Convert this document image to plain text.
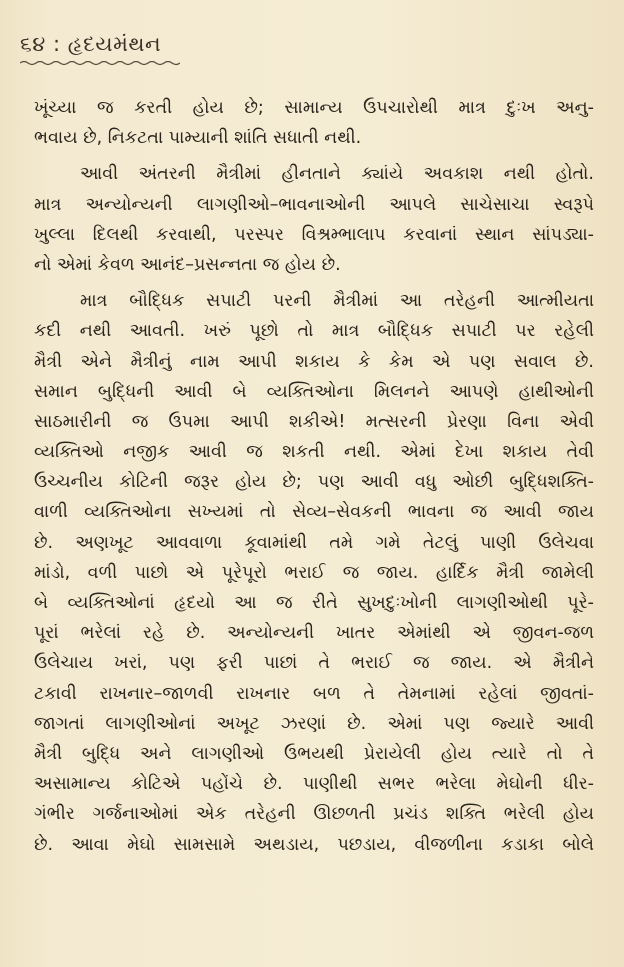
૬૪ : હૃદયમંથન
ખૂંચ્યા જ કરતી હોય છે; સામાન્ય ઉપચારોથી માત્ર દુઃખ અનુ-
ભવાય છે, નિકટતા પામ્યાની શાંતિ સધાતી નથી.
આવી અંતરની મૈત્રીમાં હીનતાને ક્યાંયે અવકાશ નથી હોતો.
માત્ર અન્યોન્યની લાગણીઓ–ભાવનાઓની આપલે સાચેસાચા સ્વરૂપે
ખુલ્લા દિલથી કરવાથી, પરસ્પર વિશ્રમ્ભાલાપ કરવાનાં સ્થાન સાંપડ્યા-
નો એમાં કેવળ આનંદ–પ્રસન્નતા જ હોય છે.
માત્ર બૌદ્ધિક સપાટી પરની મૈત્રીમાં આ તરેહની આત્મીયતા
કદી નથી આવતી. ખરું પૂછો તો માત્ર બૌદ્ધિક સપાટી પર રહેલી
મૈત્રી એને મૈત્રીનું નામ આપી શકાય કે કેમ એ પણ સવાલ છે.
સમાન બુદ્ધિની આવી બે વ્યક્તિઓના મિલનને આપણે હાથીઓની
સાઠમારીની જ ઉપમા આપી શકીએ! મત્સરની પ્રેરણા વિના એવી
વ્યક્તિઓ નજીક આવી જ શકતી નથી. એમાં દેખા શકાય તેવી
ઉચ્ચનીય કોટિની જરૂર હોય છે; પણ આવી વધુ ઓછી બુદ્ધિશક્તિ-
વાળી વ્યક્તિઓના સખ્યમાં તો સેવ્ય–સેવકની ભાવના જ આવી જાય
છે. અણખૂટ આવવાળા કૂવામાંથી તમે ગમે તેટલું પાણી ઉલેચવા
માંડો, વળી પાછો એ પૂરેપૂરો ભરાઈ જ જાય. હાર્દિક મૈત્રી જામેલી
બે વ્યક્તિઓનાં હૃદયો આ જ રીતે સુખદુઃખોની લાગણીઓથી પૂરે-
પૂરાં ભરેલાં રહે છે. અન્યોન્યની ખાતર એમાંથી એ જીવન-જળ
ઉલેચાય ખરાં, પણ ફરી પાછાં તે ભરાઈ જ જાય. એ મૈત્રીને
ટકાવી રાખનાર–જાળવી રાખનાર બળ તે તેમનામાં રહેલાં જીવતાં-
જાગતાં લાગણીઓનાં અખૂટ ઝરણાં છે. એમાં પણ જ્યારે આવી
મૈત્રી બુદ્ધિ અને લાગણીઓ ઉભયથી પ્રેરાયેલી હોય ત્યારે તો તે
અસામાન્ય કોટિએ પહોંચે છે. પાણીથી સભર ભરેલા મેઘોની ધીર-
ગંભીર ગર્જનાઓમાં એક તરેહની ઊછળતી પ્રચંડ શક્તિ ભરેલી હોય
છે. આવા મેઘો સામસામે અથડાય, પછડાય, વીજળીના કડાકા બોલે
